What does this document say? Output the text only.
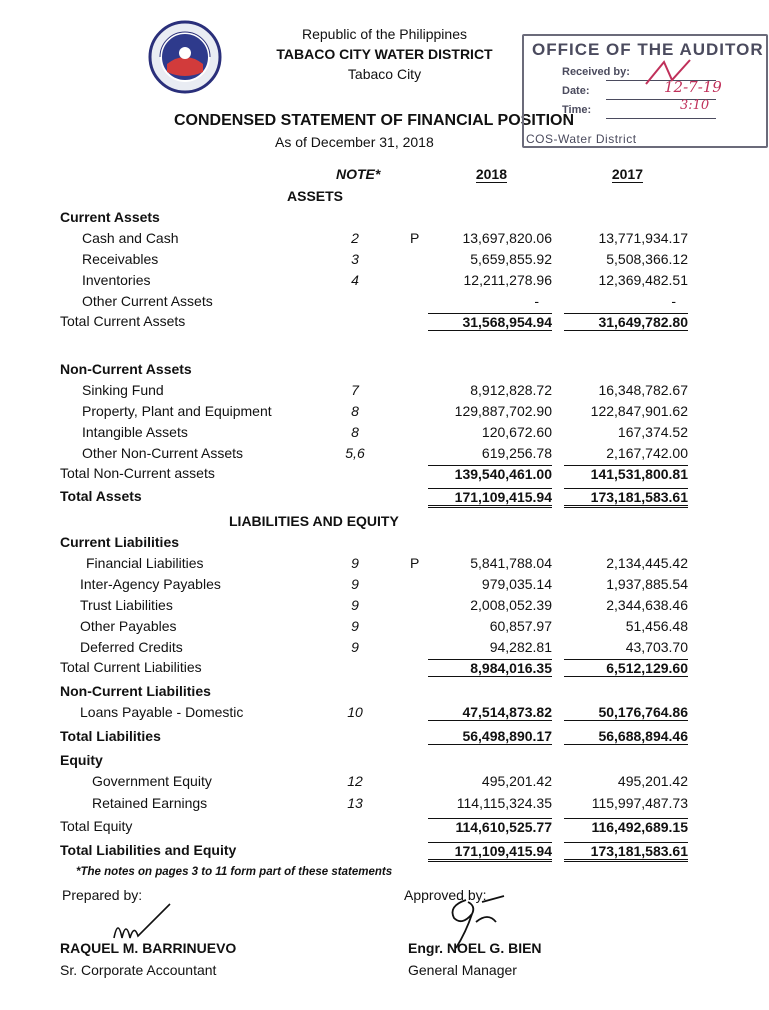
Republic of the Philippines
TABACO CITY WATER DISTRICT
Tabaco City
CONDENSED STATEMENT OF FINANCIAL POSITION
As of December 31, 2018
OFFICE OF THE AUDITOR
Received by:
Date:	12-7-19
Time:	3:10
COS-Water District
NOTE*	2018	2017
ASSETS
Current Assets
Cash and Cash	2	P	13,697,820.06	13,771,934.17
Receivables	3	5,659,855.92	5,508,366.12
Inventories	4	12,211,278.96	12,369,482.51
Other Current Assets	-	-
Total Current Assets	31,568,954.94	31,649,782.80
Non-Current Assets
Sinking Fund	7	8,912,828.72	16,348,782.67
Property, Plant and Equipment	8	129,887,702.90	122,847,901.62
Intangible Assets	8	120,672.60	167,374.52
Other Non-Current Assets	5,6	619,256.78	2,167,742.00
Total Non-Current assets	139,540,461.00	141,531,800.81
Total Assets	171,109,415.94	173,181,583.61
LIABILITIES AND EQUITY
Current Liabilities
Financial Liabilities	9	P	5,841,788.04	2,134,445.42
Inter-Agency Payables	9	979,035.14	1,937,885.54
Trust Liabilities	9	2,008,052.39	2,344,638.46
Other Payables	9	60,857.97	51,456.48
Deferred Credits	9	94,282.81	43,703.70
Total Current Liabilities	8,984,016.35	6,512,129.60
Non-Current Liabilities
Loans Payable - Domestic	10	47,514,873.82	50,176,764.86
Total Liabilities	56,498,890.17	56,688,894.46
Equity
Government Equity	12	495,201.42	495,201.42
Retained Earnings	13	114,115,324.35	115,997,487.73
Total Equity	114,610,525.77	116,492,689.15
Total Liabilities and Equity	171,109,415.94	173,181,583.61
*The notes on pages 3 to 11 form part of these statements
Prepared by:	Approved by:
RAQUEL M. BARRINUEVO
Sr. Corporate Accountant
Engr. NOEL G. BIEN
General Manager
